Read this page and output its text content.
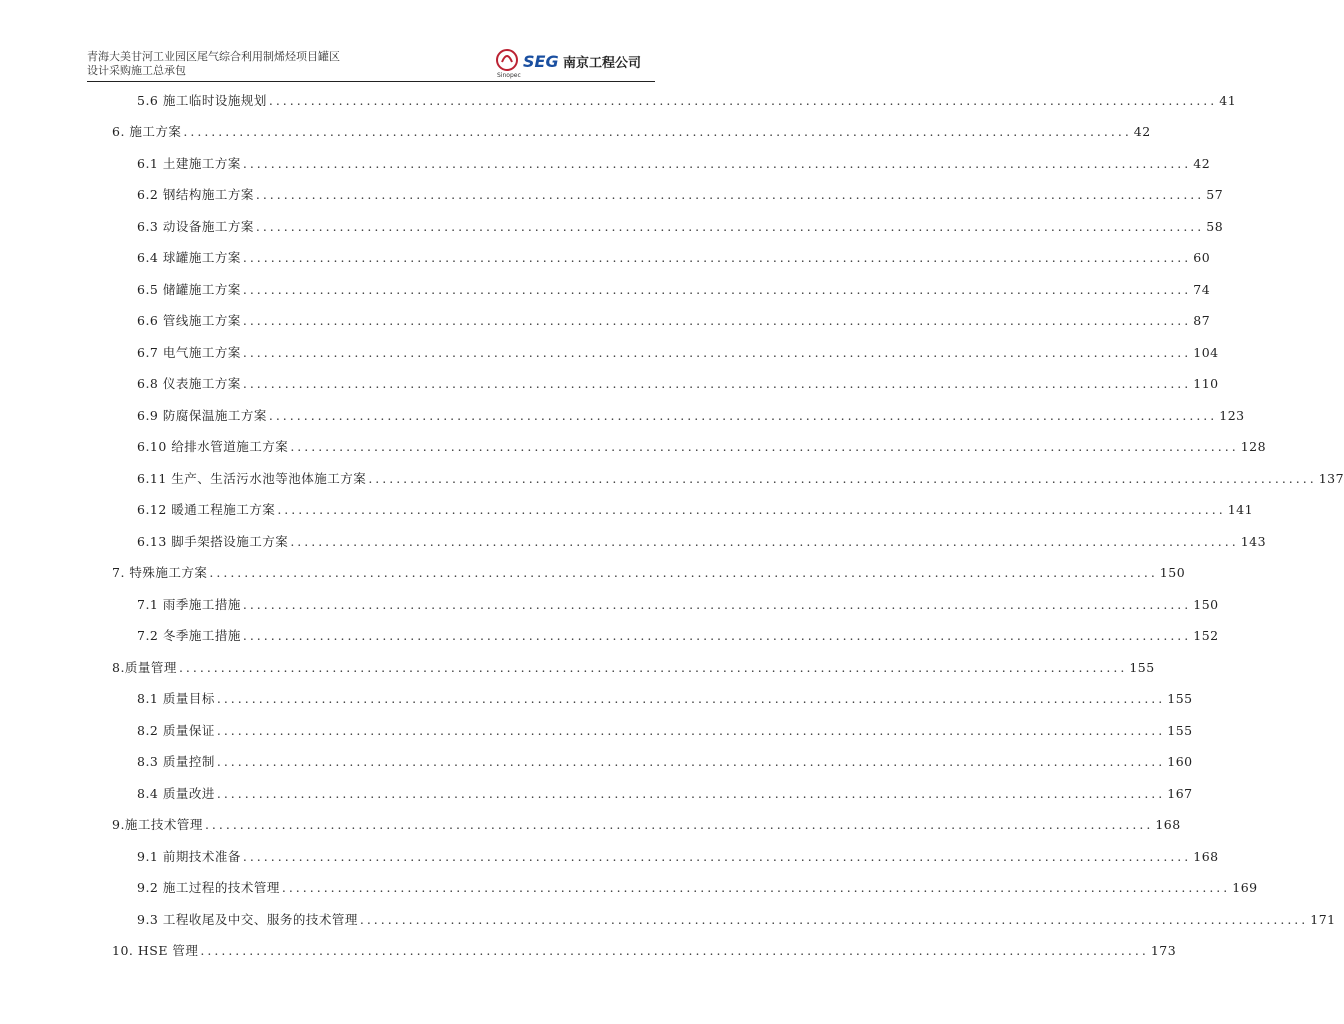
青海大美甘河工业园区尾气综合利用制烯烃项目罐区
设计采购施工总承包	Sinopec
SEG 南京工程公司
5.6 施工临时设施规划 .....	41
6. 施工方案 .....	42
6.1 土建施工方案 .....	42
6.2 钢结构施工方案 .....	57
6.3 动设备施工方案 .....	58
6.4 球罐施工方案 .....	60
6.5 储罐施工方案 .....	74
6.6 管线施工方案 .....	87
6.7 电气施工方案 .....	104
6.8 仪表施工方案 .....	110
6.9 防腐保温施工方案 .....	123
6.10 给排水管道施工方案 .....	128
6.11 生产、生活污水池等池体施工方案 .....	137
6.12 暖通工程施工方案 .....	141
6.13 脚手架搭设施工方案 .....	143
7. 特殊施工方案 .....	150
7.1 雨季施工措施 .....	150
7.2 冬季施工措施 .....	152
8.质量管理 .....	155
8.1 质量目标 .....	155
8.2 质量保证 .....	155
8.3 质量控制 .....	160
8.4 质量改进 .....	167
9.施工技术管理 .....	168
9.1 前期技术准备 .....	168
9.2 施工过程的技术管理 .....	169
9.3 工程收尾及中交、服务的技术管理 .....	171
10. HSE 管理 .....	173
